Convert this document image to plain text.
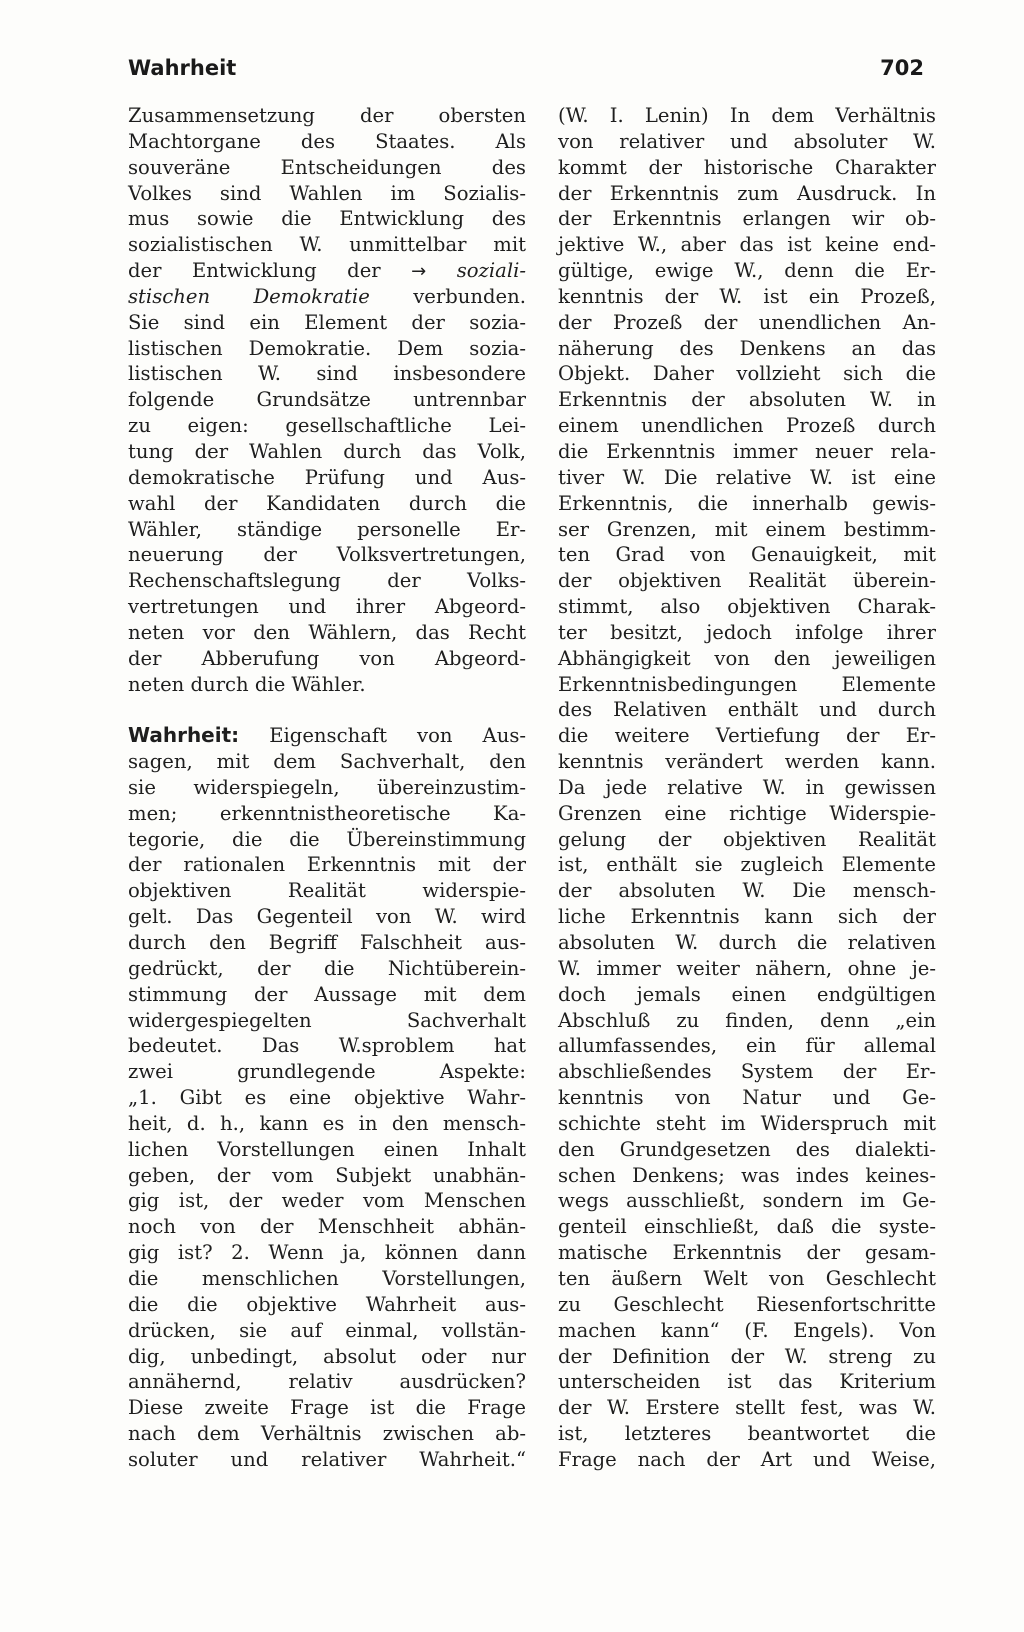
Wahrheit	702
Zusammensetzung der obersten
Machtorgane des Staates. Als
souveräne Entscheidungen des
Volkes sind Wahlen im Sozialis-
mus sowie die Entwicklung des
sozialistischen W. unmittelbar mit
der Entwicklung der → soziali-
stischen Demokratie verbunden.
Sie sind ein Element der sozia-
listischen Demokratie. Dem sozia-
listischen W. sind insbesondere
folgende Grundsätze untrennbar
zu eigen: gesellschaftliche Lei-
tung der Wahlen durch das Volk,
demokratische Prüfung und Aus-
wahl der Kandidaten durch die
Wähler, ständige personelle Er-
neuerung der Volksvertretungen,
Rechenschaftslegung der Volks-
vertretungen und ihrer Abgeord-
neten vor den Wählern, das Recht
der Abberufung von Abgeord-
neten durch die Wähler.
Wahrheit: Eigenschaft von Aus-
sagen, mit dem Sachverhalt, den
sie widerspiegeln, übereinzustim-
men; erkenntnistheoretische Ka-
tegorie, die die Übereinstimmung
der rationalen Erkenntnis mit der
objektiven Realität widerspie-
gelt. Das Gegenteil von W. wird
durch den Begriff Falschheit aus-
gedrückt, der die Nichtüberein-
stimmung der Aussage mit dem
widergespiegelten Sachverhalt
bedeutet. Das W.sproblem hat
zwei grundlegende Aspekte:
„1. Gibt es eine objektive Wahr-
heit, d. h., kann es in den mensch-
lichen Vorstellungen einen Inhalt
geben, der vom Subjekt unabhän-
gig ist, der weder vom Menschen
noch von der Menschheit abhän-
gig ist? 2. Wenn ja, können dann
die menschlichen Vorstellungen,
die die objektive Wahrheit aus-
drücken, sie auf einmal, vollstän-
dig, unbedingt, absolut oder nur
annähernd, relativ ausdrücken?
Diese zweite Frage ist die Frage
nach dem Verhältnis zwischen ab-
soluter und relativer Wahrheit.“
(W. I. Lenin) In dem Verhältnis
von relativer und absoluter W.
kommt der historische Charakter
der Erkenntnis zum Ausdruck. In
der Erkenntnis erlangen wir ob-
jektive W., aber das ist keine end-
gültige, ewige W., denn die Er-
kenntnis der W. ist ein Prozeß,
der Prozeß der unendlichen An-
näherung des Denkens an das
Objekt. Daher vollzieht sich die
Erkenntnis der absoluten W. in
einem unendlichen Prozeß durch
die Erkenntnis immer neuer rela-
tiver W. Die relative W. ist eine
Erkenntnis, die innerhalb gewis-
ser Grenzen, mit einem bestimm-
ten Grad von Genauigkeit, mit
der objektiven Realität überein-
stimmt, also objektiven Charak-
ter besitzt, jedoch infolge ihrer
Abhängigkeit von den jeweiligen
Erkenntnisbedingungen Elemente
des Relativen enthält und durch
die weitere Vertiefung der Er-
kenntnis verändert werden kann.
Da jede relative W. in gewissen
Grenzen eine richtige Widerspie-
gelung der objektiven Realität
ist, enthält sie zugleich Elemente
der absoluten W. Die mensch-
liche Erkenntnis kann sich der
absoluten W. durch die relativen
W. immer weiter nähern, ohne je-
doch jemals einen endgültigen
Abschluß zu finden, denn „ein
allumfassendes, ein für allemal
abschließendes System der Er-
kenntnis von Natur und Ge-
schichte steht im Widerspruch mit
den Grundgesetzen des dialekti-
schen Denkens; was indes keines-
wegs ausschließt, sondern im Ge-
genteil einschließt, daß die syste-
matische Erkenntnis der gesam-
ten äußern Welt von Geschlecht
zu Geschlecht Riesenfortschritte
machen kann“ (F. Engels). Von
der Definition der W. streng zu
unterscheiden ist das Kriterium
der W. Erstere stellt fest, was W.
ist, letzteres beantwortet die
Frage nach der Art und Weise,
